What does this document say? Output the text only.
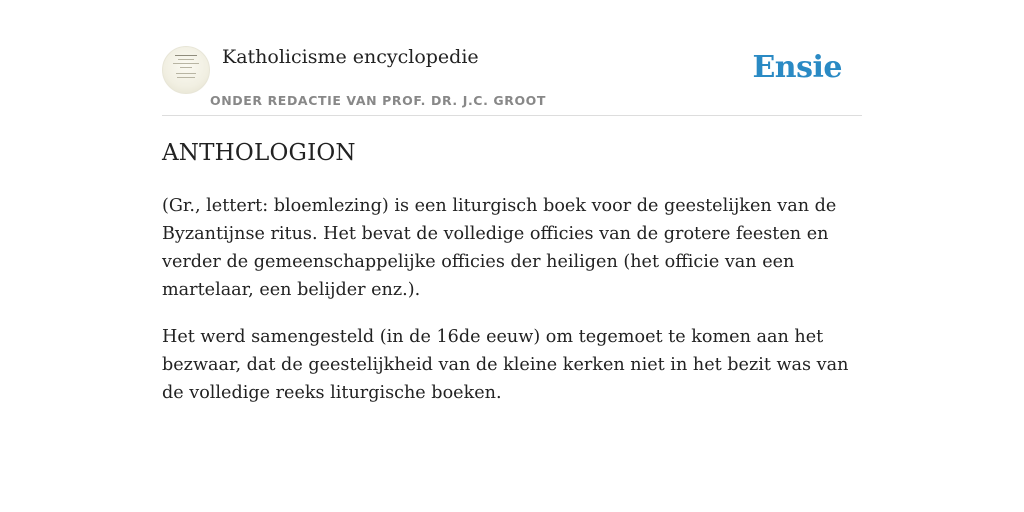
Katholicisme encyclopedie
ONDER REDACTIE VAN PROF. DR. J.C. GROOT
Ensie
ANTHOLOGION

(Gr., lettert: bloemlezing) is een liturgisch boek voor de geestelijken van de Byzantijnse ritus. Het bevat de volledige officies van de grotere feesten en verder de gemeenschappelijke officies der heiligen (het officie van een martelaar, een belijder enz.).

Het werd samengesteld (in de 16de eeuw) om tegemoet te komen aan het bezwaar, dat de geestelijkheid van de kleine kerken niet in het bezit was van de volledige reeks liturgische boeken.
